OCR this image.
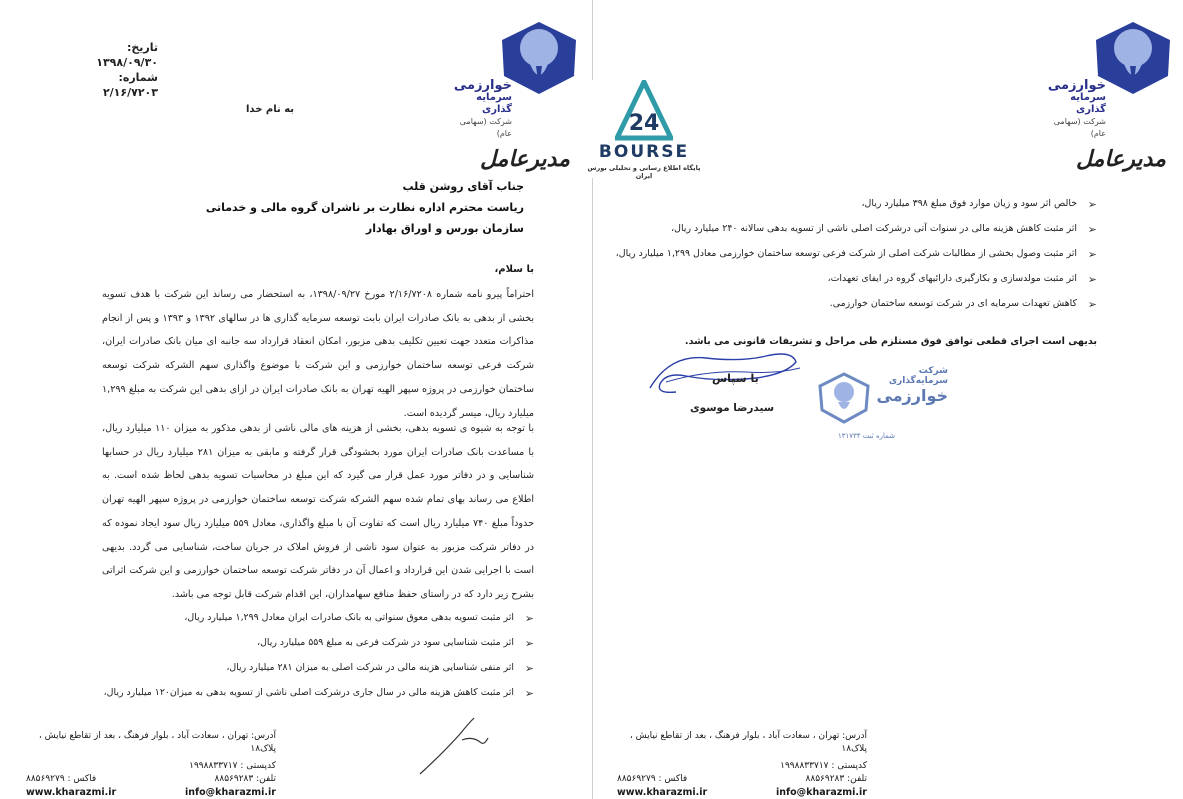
تاریخ: ۱۳۹۸/۰۹/۳۰
شماره: ۲/۱۶/۷۲۰۳	خوارزمی
سرمایه گذاری
شرکت (سهامی عام)
به نام خدا
مدیرعامل
جناب آقای روشن قلب
ریاست محترم اداره نظارت بر ناشران گروه مالی و خدماتی
سازمان بورس و اوراق بهادار
با سلام،
احتراماً پیرو نامه شماره ۲/۱۶/۷۲۰۸ مورخ ۱۳۹۸/۰۹/۲۷، به استحضار می رساند این شرکت با هدف تسویه بخشی از بدهی به بانک صادرات ایران بابت توسعه سرمایه گذاری ها در سالهای ۱۳۹۲ و ۱۳۹۳ و پس از انجام مذاکرات متعدد جهت تعیین تکلیف بدهی مزبور، امکان انعقاد قرارداد سه جانبه ای میان بانک صادرات ایران، شرکت فرعی توسعه ساختمان خوارزمی و این شرکت با موضوع واگذاری سهم الشرکه شرکت توسعه ساختمان خوارزمی در پروژه سپهر الهیه تهران به بانک صادرات ایران در ازای بدهی این شرکت به مبلغ ۱,۲۹۹ میلیارد ریال، میسر گردیده است.
با توجه به شیوه ی تسویه بدهی، بخشی از هزینه های مالی ناشی از بدهی مذکور به میزان ۱۱۰ میلیارد ریال، با مساعدت بانک صادرات ایران مورد بخشودگی قرار گرفته و مابقی به میزان ۲۸۱ میلیارد ریال در حسابها شناسایی و در دفاتر مورد عمل قرار می گیرد که این مبلغ در محاسبات تسویه بدهی لحاظ شده است. به اطلاع می رساند بهای تمام شده سهم الشرکه شرکت توسعه ساختمان خوارزمی در پروژه سپهر الهیه تهران حدوداً مبلغ ۷۴۰ میلیارد ریال است که تفاوت آن با مبلغ واگذاری، معادل ۵۵۹ میلیارد ریال سود ایجاد نموده که در دفاتر شرکت مزبور به عنوان سود ناشی از فروش املاک در جریان ساخت، شناسایی می گردد. بدیهی است با اجرایی شدن این قرارداد و اعمال آن در دفاتر شرکت توسعه ساختمان خوارزمی و این شرکت اثراتی بشرح زیر دارد که در راستای حفظ منافع سهامداران، این اقدام شرکت قابل توجه می باشد.
➢ اثر مثبت تسویه بدهی معوق سنواتی به بانک صادرات ایران معادل ۱,۲۹۹ میلیارد ریال،
➢ اثر مثبت شناسایی سود در شرکت فرعی به مبلغ ۵۵۹ میلیارد ریال،
➢ اثر منفی شناسایی هزینه مالی در شرکت اصلی به میزان ۲۸۱ میلیارد ریال،
➢ اثر مثبت کاهش هزینه مالی در سال جاری درشرکت اصلی ناشی از تسویه بدهی به میزان۱۲۰ میلیارد ریال،
آدرس: تهران ، سعادت آباد ، بلوار فرهنگ ، بعد از تقاطع نیایش ، پلاک۱۸
کدپستی : ۱۹۹۸۸۳۳۷۱۷
تلفن: ۸۸۵۶۹۲۸۳
فاکس : ۸۸۵۶۹۲۷۹
www.kharazmi.ir	info@kharazmi.ir
خوارزمی
سرمایه گذاری
شرکت (سهامی عام)
مدیرعامل
➢ خالص اثر سود و زیان موارد فوق مبلغ ۳۹۸ میلیارد ریال،
➢ اثر مثبت کاهش هزینه مالی در سنوات آتی درشرکت اصلی ناشی از تسویه بدهی سالانه ۲۴۰ میلیارد ریال،
➢ اثر مثبت وصول بخشی از مطالبات شرکت اصلی از شرکت فرعی توسعه ساختمان خوارزمی معادل ۱,۲۹۹ میلیارد ریال،
➢ اثر مثبت مولدسازی و بکارگیری دارائیهای گروه در ایفای تعهدات،
➢ کاهش تعهدات سرمایه ای در شرکت توسعه ساختمان خوارزمی.
بدیهی است اجرای قطعی توافق فوق مستلزم طی مراحل و تشریفات قانونی می باشد.
شرکت
سرمایه‌گذاری
خوارزمی
شماره ثبت ۱۳۱۷۳۴
با سپاس
سیدرضا موسوی
آدرس: تهران ، سعادت آباد ، بلوار فرهنگ ، بعد از تقاطع نیایش ، پلاک۱۸
کدپستی : ۱۹۹۸۸۳۳۷۱۷
تلفن: ۸۸۵۶۹۲۸۳
فاکس : ۸۸۵۶۹۲۷۹
www.kharazmi.ir	info@kharazmi.ir
24
BOURSE
پایگاه اطلاع رسانی و تحلیلی بورس ایران
